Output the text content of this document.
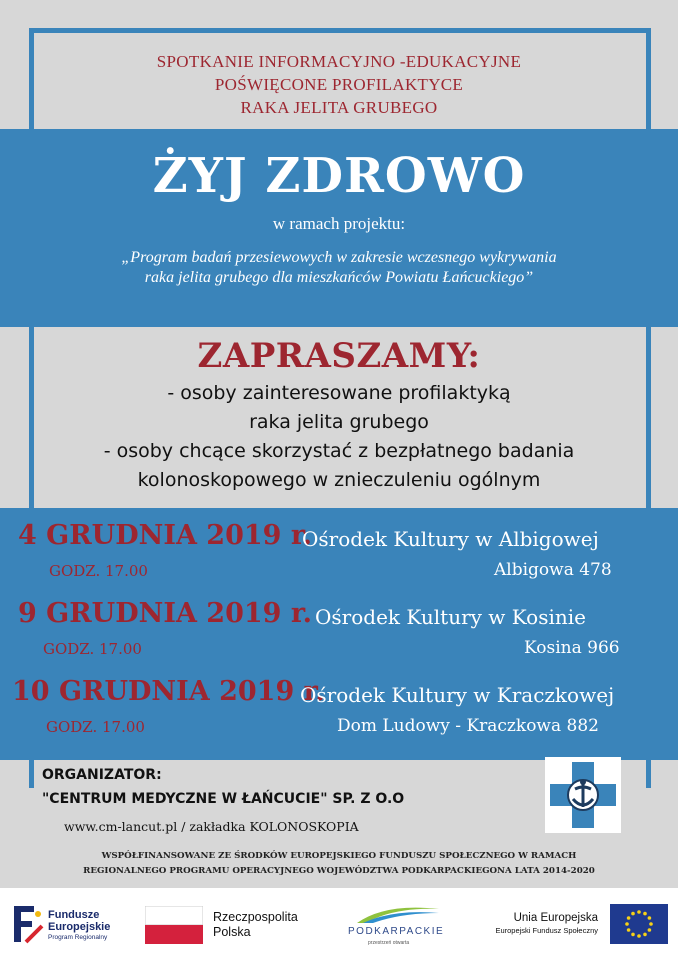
SPOTKANIE INFORMACYJNO -EDUKACYJNE
POŚWIĘCONE PROFILAKTYCE
RAKA JELITA GRUBEGO
ŻYJ ZDROWO
w ramach projektu:
„Program badań przesiewowych w zakresie wczesnego wykrywania
raka jelita grubego dla mieszkańców Powiatu Łańcuckiego”
ZAPRASZAMY:
- osoby zainteresowane profilaktyką
raka jelita grubego
- osoby chcące skorzystać z bezpłatnego badania
kolonoskopowego w znieczuleniu ogólnym
4 GRUDNIA 2019 r.
GODZ. 17.00
Ośrodek Kultury w Albigowej
Albigowa 478
9 GRUDNIA 2019 r.
GODZ. 17.00
Ośrodek Kultury w Kosinie
Kosina 966
10 GRUDNIA 2019 r.
GODZ. 17.00
Ośrodek Kultury w Kraczkowej
Dom Ludowy - Kraczkowa 882
ORGANIZATOR:
"CENTRUM MEDYCZNE W ŁAŃCUCIE" SP. Z O.O
www.cm-lancut.pl / zakładka KOLONOSKOPIA
WSPÓŁFINANSOWANE ZE ŚRODKÓW EUROPEJSKIEGO FUNDUSZU SPOŁECZNEGO W RAMACH
REGIONALNEGO PROGRAMU OPERACYJNEGO WOJEWÓDZTWA PODKARPACKIEGONA LATA 2014-2020
Fundusze
Europejskie
Program Regionalny
Rzeczpospolita
Polska	PODKARPACKIE
przestrzeń otwarta
Unia Europejska
Europejski Fundusz Społeczny
